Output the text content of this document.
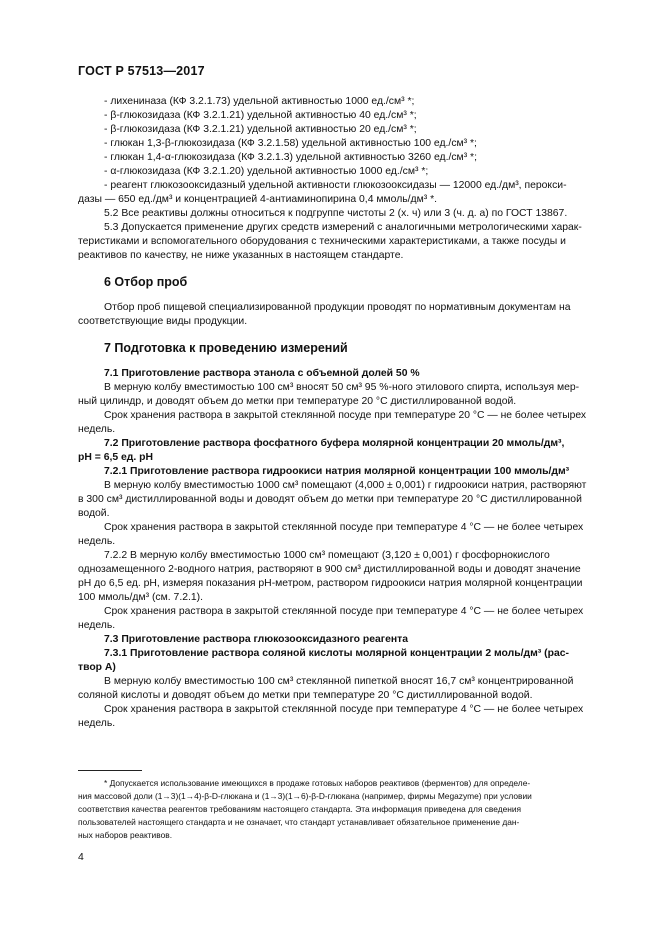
ГОСТ Р 57513—2017
- лихениназа (КФ 3.2.1.73) удельной активностью 1000 ед./см³ *;
- β-глюкозидаза (КФ 3.2.1.21) удельной активностью 40 ед./см³ *;
- β-глюкозидаза (КФ 3.2.1.21) удельной активностью 20 ед./см³ *;
- глюкан 1,3-β-глюкозидаза (КФ 3.2.1.58) удельной активностью 100 ед./см³ *;
- глюкан 1,4-α-глюкозидаза (КФ 3.2.1.3) удельной активностью 3260 ед./см³ *;
- α-глюкозидаза (КФ 3.2.1.20) удельной активностью 1000 ед./см³ *;
- реагент глюкозооксидазный удельной активности глюкозооксидазы — 12000 ед./дм³, перокси-
дазы — 650 ед./дм³ и концентрацией 4-антиаминопирина 0,4 ммоль/дм³ *.
5.2 Все реактивы должны относиться к подгруппе чистоты 2 (х. ч) или 3 (ч. д. а) по ГОСТ 13867.
5.3 Допускается применение других средств измерений с аналогичными метрологическими харак-
теристиками и вспомогательного оборудования с техническими характеристиками, а также посуды и
реактивов по качеству, не ниже указанных в настоящем стандарте.
6 Отбор проб
Отбор проб пищевой специализированной продукции проводят по нормативным документам на
соответствующие виды продукции.
7 Подготовка к проведению измерений
7.1 Приготовление раствора этанола с объемной долей 50 %
В мерную колбу вместимостью 100 см³ вносят 50 см³ 95 %-ного этилового спирта, используя мер-
ный цилиндр, и доводят объем до метки при температуре 20 °С дистиллированной водой.
Срок хранения раствора в закрытой стеклянной посуде при температуре 20 °С — не более четырех
недель.
7.2 Приготовление раствора фосфатного буфера молярной концентрации 20 ммоль/дм³,
рН = 6,5 ед. рН
7.2.1 Приготовление раствора гидроокиси натрия молярной концентрации 100 ммоль/дм³
В мерную колбу вместимостью 1000 см³ помещают (4,000 ± 0,001) г гидроокиси натрия, растворяют
в 300 см³ дистиллированной воды и доводят объем до метки при температуре 20 °С дистиллированной
водой.
Срок хранения раствора в закрытой стеклянной посуде при температуре 4 °С — не более четырех
недель.
7.2.2 В мерную колбу вместимостью 1000 см³ помещают (3,120 ± 0,001) г фосфорнокислого
однозамещенного 2-водного натрия, растворяют в 900 см³ дистиллированной воды и доводят значение
рН до 6,5 ед. рН, измеряя показания рН-метром, раствором гидроокиси натрия молярной концентрации
100 ммоль/дм³ (см. 7.2.1).
Срок хранения раствора в закрытой стеклянной посуде при температуре 4 °С — не более четырех
недель.
7.3 Приготовление раствора глюкозооксидазного реагента
7.3.1 Приготовление раствора соляной кислоты молярной концентрации 2 моль/дм³ (рас-
твор А)
В мерную колбу вместимостью 100 см³ стеклянной пипеткой вносят 16,7 см³ концентрированной
соляной кислоты и доводят объем до метки при температуре 20 °С дистиллированной водой.
Срок хранения раствора в закрытой стеклянной посуде при температуре 4 °С — не более четырех
недель.
* Допускается использование имеющихся в продаже готовых наборов реактивов (ферментов) для определе-
ния массовой доли (1→3)(1→4)-β-D-глюкана и (1→3)(1→6)-β-D-глюкана (например, фирмы Megazyme) при условии
соответствия качества реагентов требованиям настоящего стандарта. Эта информация приведена для сведения
пользователей настоящего стандарта и не означает, что стандарт устанавливает обязательное применение дан-
ных наборов реактивов.
4
